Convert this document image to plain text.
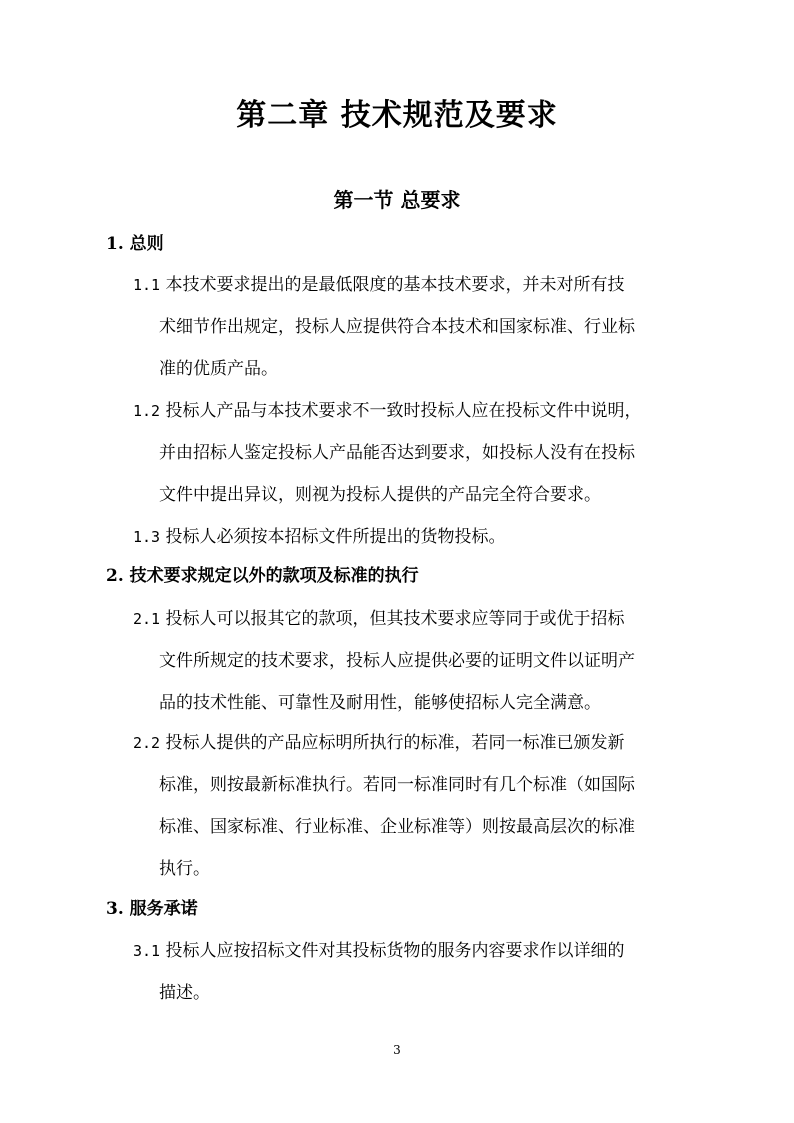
第二章 技术规范及要求
第一节 总要求
1. 总则

1.1 本技术要求提出的是最低限度的基本技术要求，并未对所有技

术细节作出规定，投标人应提供符合本技术和国家标准、行业标

准的优质产品。

1.2 投标人产品与本技术要求不一致时投标人应在投标文件中说明，

并由招标人鉴定投标人产品能否达到要求，如投标人没有在投标

文件中提出异议，则视为投标人提供的产品完全符合要求。

1.3 投标人必须按本招标文件所提出的货物投标。

2. 技术要求规定以外的款项及标准的执行

2.1 投标人可以报其它的款项，但其技术要求应等同于或优于招标

文件所规定的技术要求，投标人应提供必要的证明文件以证明产

品的技术性能、可靠性及耐用性，能够使招标人完全满意。

2.2 投标人提供的产品应标明所执行的标准，若同一标准已颁发新

标准，则按最新标准执行。若同一标准同时有几个标准（如国际

标准、国家标准、行业标准、企业标准等）则按最高层次的标准

执行。

3. 服务承诺

3.1 投标人应按招标文件对其投标货物的服务内容要求作以详细的

描述。

3
